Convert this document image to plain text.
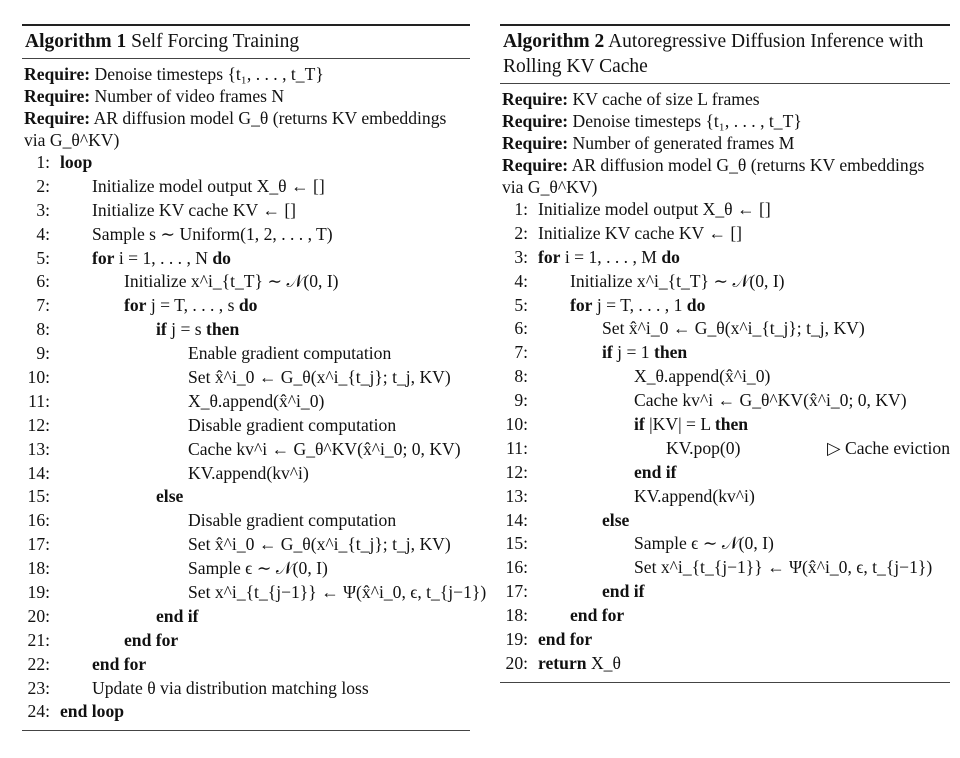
Algorithm 1 Self Forcing Training
Require: Denoise timesteps {t₁, . . . , t_T}
Require: Number of video frames N
Require: AR diffusion model G_θ (returns KV embeddings via G_θ^KV)
1: loop
2: Initialize model output X_θ ← []
3: Initialize KV cache KV ← []
4: Sample s ∼ Uniform(1, 2, . . . , T)
5: for i = 1, . . . , N do
6:	Initialize x^i_{t_T} ∼ 𝒩(0, I)
7:	for j = T, . . . , s do
8:	if j = s then
9:	Enable gradient computation
10:	Set x̂^i_0 ← G_θ(x^i_{t_j}; t_j, KV)
11:	X_θ.append(x̂^i_0)
12:	Disable gradient computation
13:	Cache kv^i ← G_θ^KV(x̂^i_0; 0, KV)
14:	KV.append(kv^i)
15:	else
16:	Disable gradient computation
17:	Set x̂^i_0 ← G_θ(x^i_{t_j}; t_j, KV)
18:	Sample ϵ ∼ 𝒩(0, I)
19:	Set x^i_{t_{j−1}} ← Ψ(x̂^i_0, ϵ, t_{j−1})
20:	end if
21:	end for
22: end for
23: Update θ via distribution matching loss
24: end loop
Algorithm 2 Autoregressive Diffusion Inference with Rolling KV Cache
Require: KV cache of size L frames
Require: Denoise timesteps {t₁, . . . , t_T}
Require: Number of generated frames M
Require: AR diffusion model G_θ (returns KV embeddings via G_θ^KV)
1: Initialize model output X_θ ← []
2: Initialize KV cache KV ← []
3: for i = 1, . . . , M do
4: Initialize x^i_{t_T} ∼ 𝒩(0, I)
5: for j = T, . . . , 1 do
6:	Set x̂^i_0 ← G_θ(x^i_{t_j}; t_j, KV)
7:	if j = 1 then
8:	X_θ.append(x̂^i_0)
9:	Cache kv^i ← G_θ^KV(x̂^i_0; 0, KV)
10:	if |KV| = L then
11:	KV.pop(0)	▷ Cache eviction
12:	end if
13:	KV.append(kv^i)
14:	else
15:	Sample ϵ ∼ 𝒩(0, I)
16:	Set x^i_{t_{j−1}} ← Ψ(x̂^i_0, ϵ, t_{j−1})
17:	end if
18: end for
19: end for
20: return X_θ
